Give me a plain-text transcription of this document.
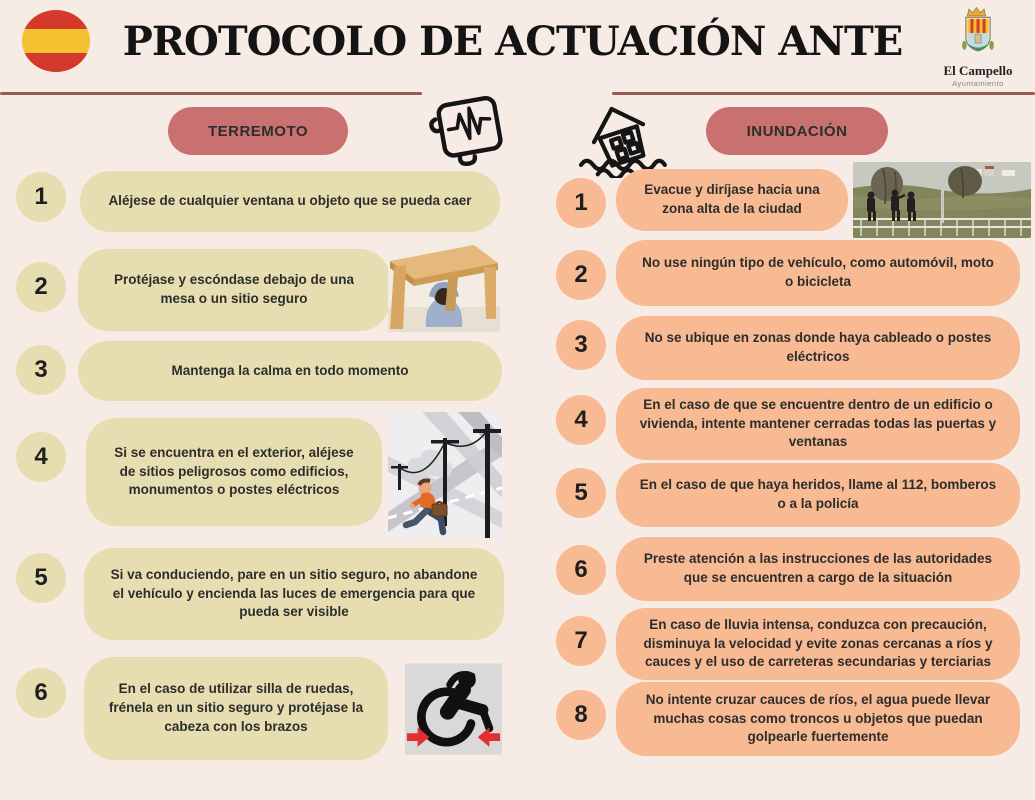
PROTOCOLO DE ACTUACIÓN ANTE
El Campello
Ayuntamiento
TERREMOTO	INUNDACIÓN
1	Aléjese de cualquier ventana u objeto que se pueda caer
2	Protéjase y escóndase debajo de una mesa o un sitio seguro
3	Mantenga la calma en todo momento
4	Si se encuentra en el exterior, aléjese de sitios peligrosos como edificios, monumentos o postes eléctricos
5	Si va conduciendo, pare en un sitio seguro, no abandone el vehículo y encienda las luces de emergencia para que pueda ser visible
6	En el caso de utilizar silla de ruedas, frénela en un sitio seguro y protéjase la cabeza con los brazos
1	Evacue y diríjase hacia una zona alta de la ciudad
2	No use ningún tipo de vehículo, como automóvil, moto o bicicleta
3	No se ubique en zonas donde haya cableado o postes eléctricos
4
En el caso de que se encuentre dentro de un edificio o vivienda, intente mantener cerradas todas las puertas y ventanas
5	En el caso de que haya heridos, llame al 112, bomberos o a la policía
6	Preste atención a las instrucciones de las autoridades que se encuentren a cargo de la situación
7
En caso de lluvia intensa, conduzca con precaución, disminuya la velocidad y evite zonas cercanas a ríos y cauces y el uso de carreteras secundarias y terciarias
8
No intente cruzar cauces de ríos, el agua puede llevar muchas cosas como troncos u objetos que puedan golpearle fuertemente
